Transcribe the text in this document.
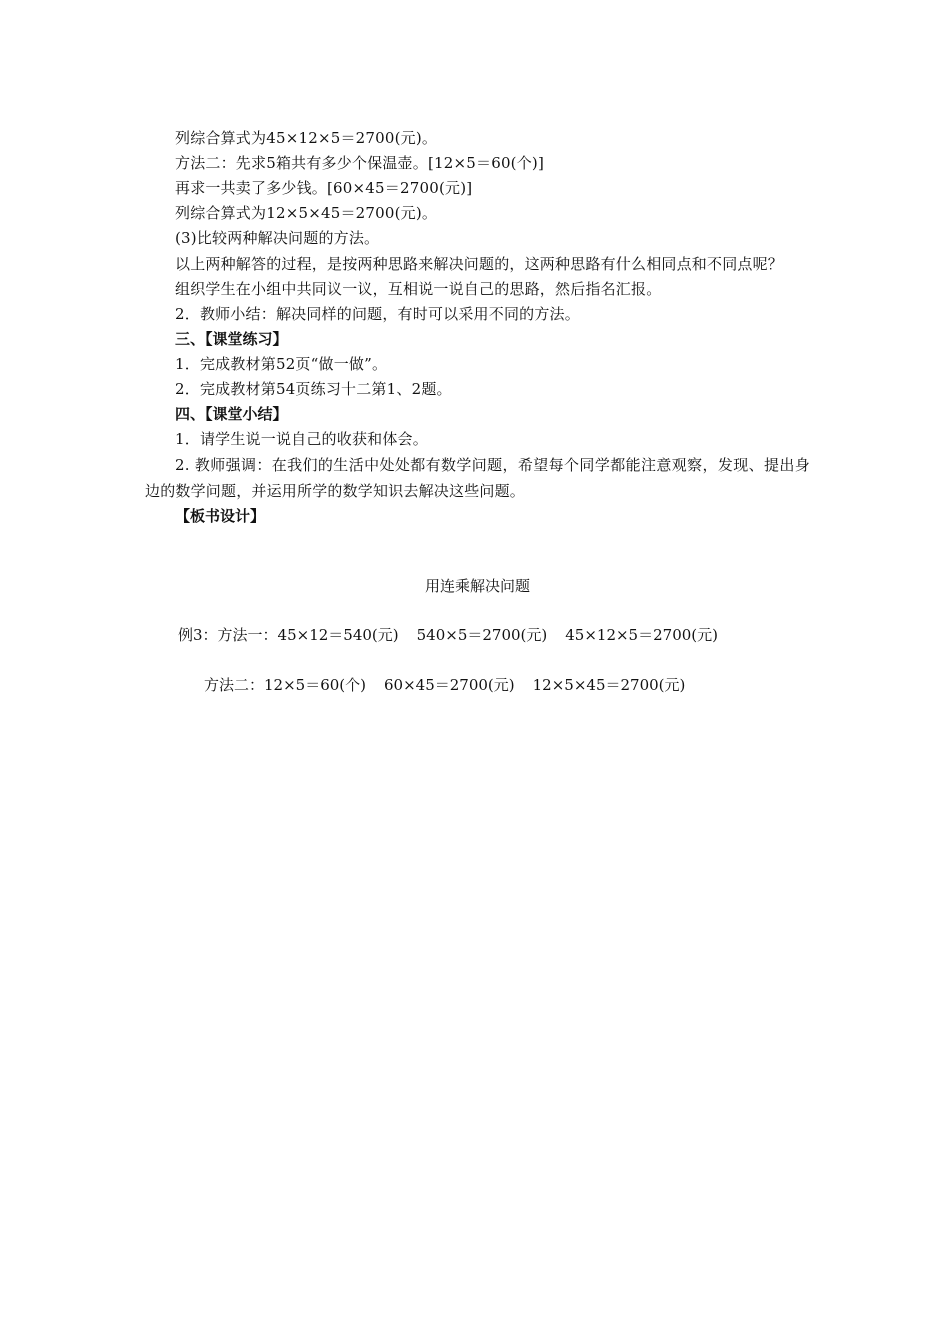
列综合算式为45×12×5＝2700(元)。

方法二：先求5箱共有多少个保温壶。[12×5＝60(个)]

再求一共卖了多少钱。[60×45＝2700(元)]

列综合算式为12×5×45＝2700(元)。

(3)比较两种解决问题的方法。

以上两种解答的过程，是按两种思路来解决问题的，这两种思路有什么相同点和不同点呢？

组织学生在小组中共同议一议，互相说一说自己的思路，然后指名汇报。

2．教师小结：解决同样的问题，有时可以采用不同的方法。

三、【课堂练习】

1．完成教材第52页“做一做”。

2．完成教材第54页练习十二第1、2题。

四、【课堂小结】

1．请学生说一说自己的收获和体会。

2. 教师强调：在我们的生活中处处都有数学问题，希望每个同学都能注意观察，发现、提出身边的数学问题，并运用所学的数学知识去解决这些问题。

【板书设计】

用连乘解决问题
例3：方法一：45×12＝540(元) 540×5＝2700(元) 45×12×5＝2700(元)
方法二：12×5＝60(个) 60×45＝2700(元) 12×5×45＝2700(元)
